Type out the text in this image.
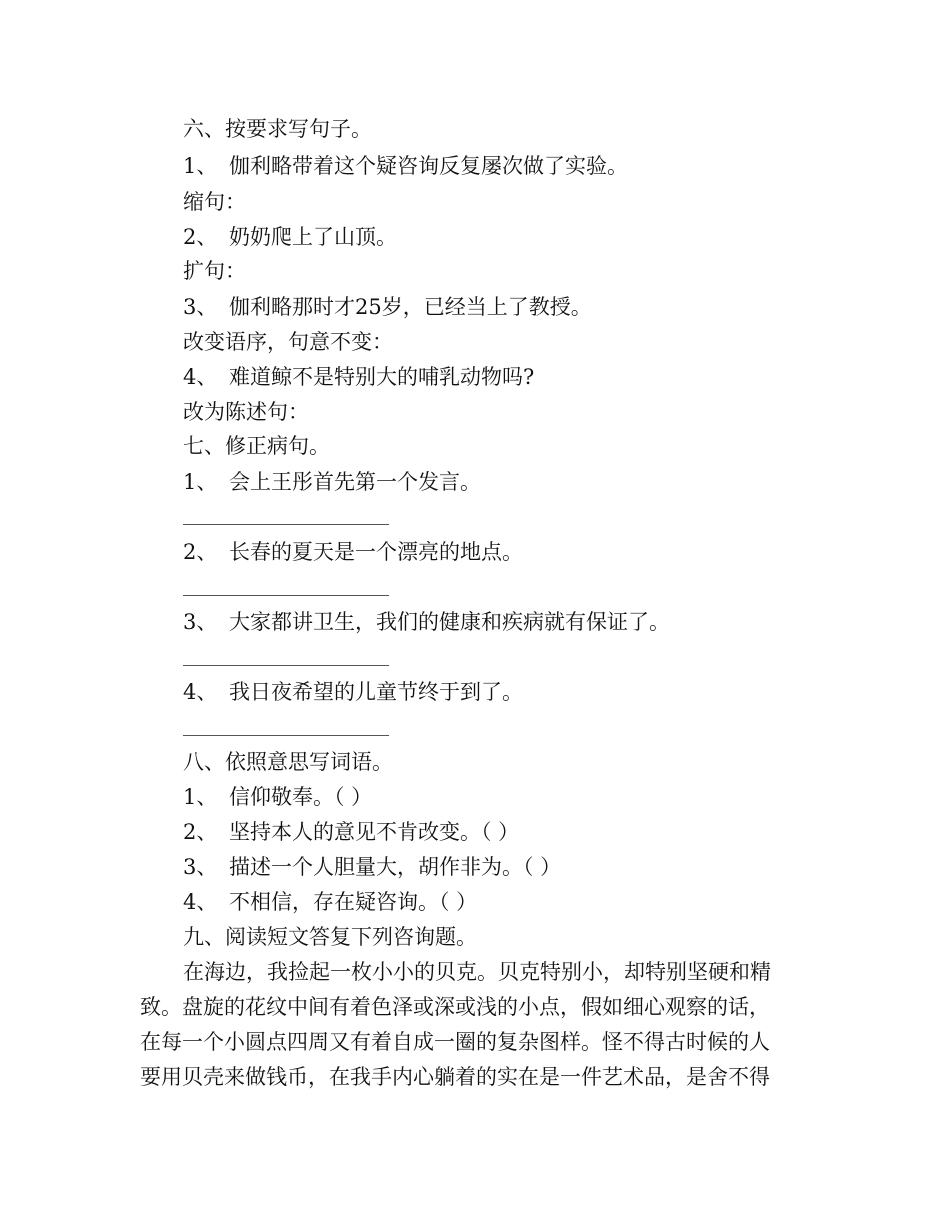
六、按要求写句子。
1、 伽利略带着这个疑咨询反复屡次做了实验。
缩句：
2、 奶奶爬上了山顶。
扩句：
3、 伽利略那时才25岁，已经当上了教授。
改变语序，句意不变：
4、 难道鲸不是特别大的哺乳动物吗?
改为陈述句：
七、修正病句。
1、 会上王彤首先第一个发言。
2、 长春的夏天是一个漂亮的地点。
3、 大家都讲卫生，我们的健康和疾病就有保证了。
4、 我日夜希望的儿童节终于到了。
八、依照意思写词语。
1、 信仰敬奉。（ ）
2、 坚持本人的意见不肯改变。（ ）
3、 描述一个人胆量大，胡作非为。（ ）
4、 不相信，存在疑咨询。（ ）
九、阅读短文答复下列咨询题。
在海边，我捡起一枚小小的贝克。贝克特别小，却特别坚硬和精
致。盘旋的花纹中间有着色泽或深或浅的小点，假如细心观察的话，
在每一个小圆点四周又有着自成一圈的复杂图样。怪不得古时候的人
要用贝壳来做钱币，在我手内心躺着的实在是一件艺术品，是舍不得
